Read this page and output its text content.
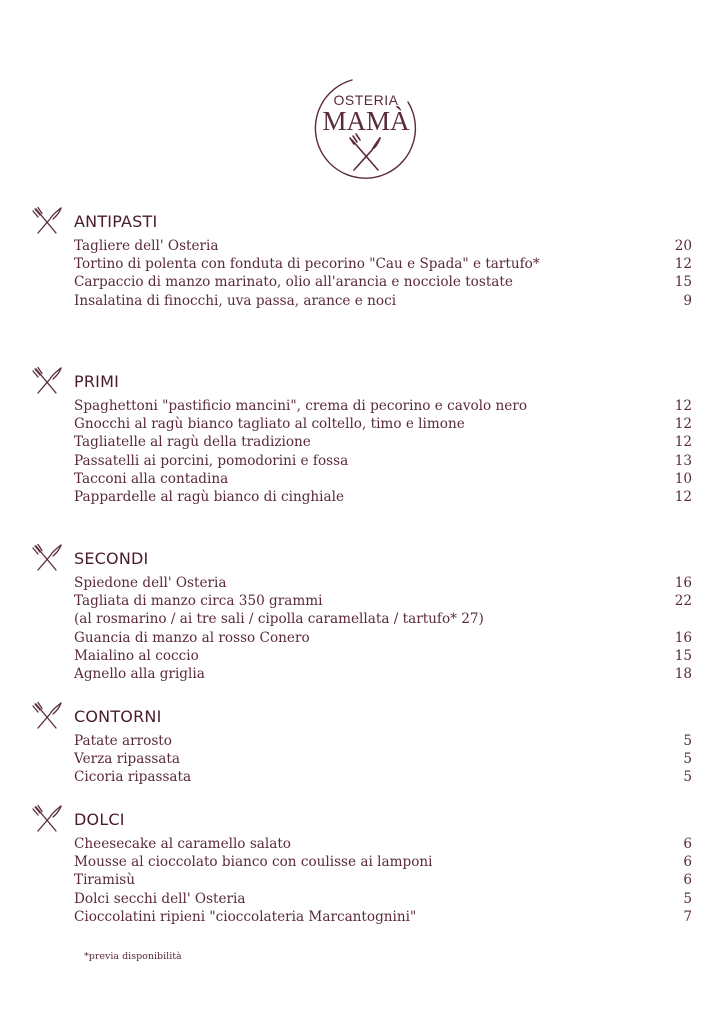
OSTERIA
MAMÀ
ANTIPASTI
Tagliere dell' Osteria	20
Tortino di polenta con fonduta di pecorino "Cau e Spada" e tartufo*	12
Carpaccio di manzo marinato, olio all'arancia e nocciole tostate	15
Insalatina di finocchi, uva passa, arance e noci	9
PRIMI
Spaghettoni "pastificio mancini", crema di pecorino e cavolo nero	12
Gnocchi al ragù bianco tagliato al coltello, timo e limone	12
Tagliatelle al ragù della tradizione	12
Passatelli ai porcini, pomodorini e fossa	13
Tacconi alla contadina	10
Pappardelle al ragù bianco di cinghiale	12
SECONDI
Spiedone dell' Osteria	16
Tagliata di manzo circa 350 grammi	22
(al rosmarino / ai tre sali / cipolla caramellata / tartufo* 27)
Guancia di manzo al rosso Conero	16
Maialino al coccio	15
Agnello alla griglia	18
CONTORNI
Patate arrosto	5
Verza ripassata	5
Cicoria ripassata	5
DOLCI
Cheesecake al caramello salato	6
Mousse al cioccolato bianco con coulisse ai lamponi	6
Tiramisù	6
Dolci secchi dell' Osteria	5
Cioccolatini ripieni "cioccolateria Marcantognini"	7
*previa disponibilità
